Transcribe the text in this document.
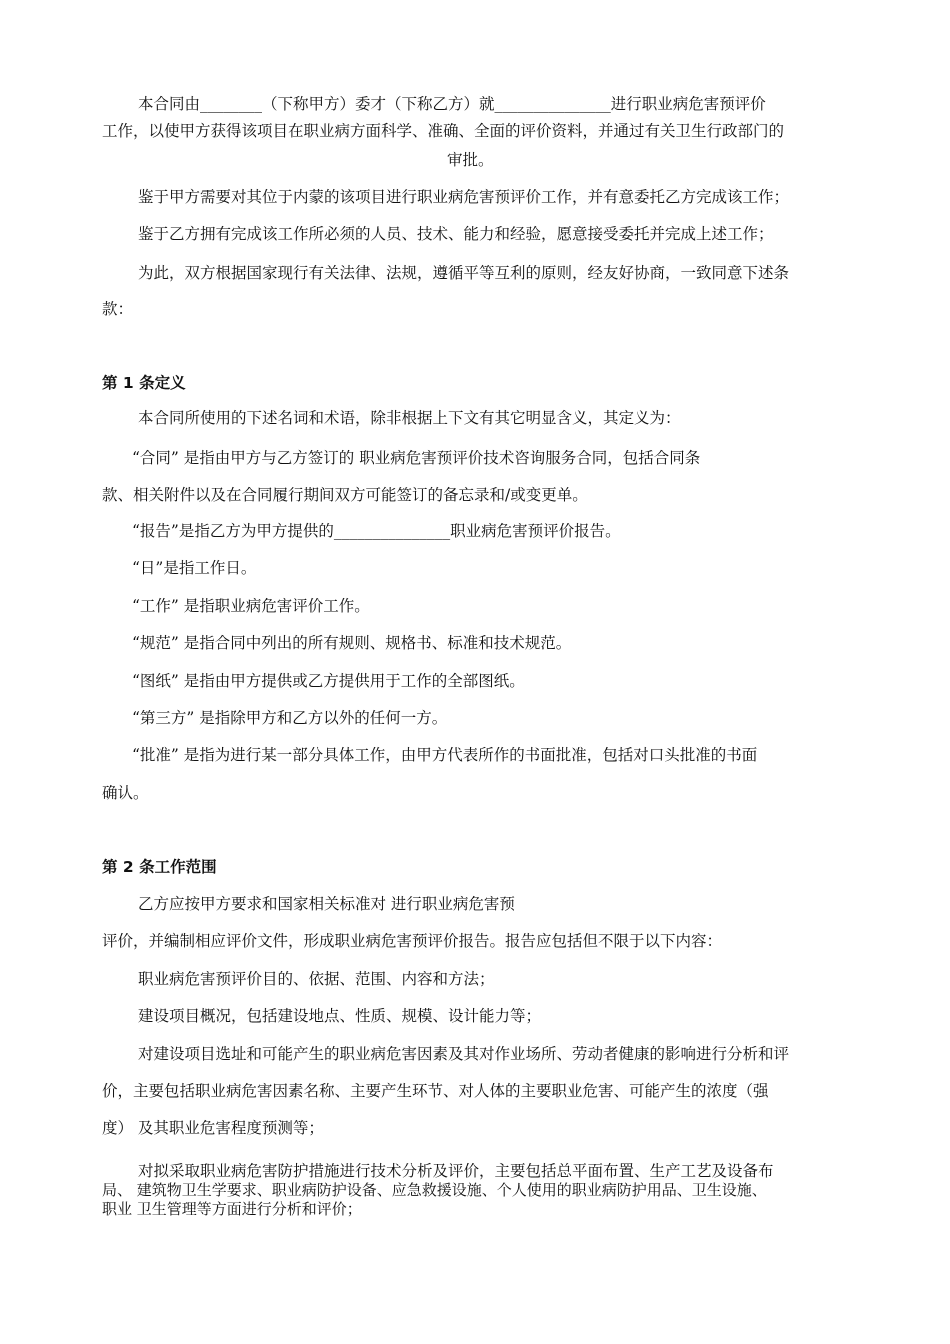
本合同由________（下称甲方）委才（下称乙方）就_______________进行职业病危害预评价
工作，以使甲方获得该项目在职业病方面科学、准确、全面的评价资料，并通过有关卫生行政部门的
审批。
鉴于甲方需要对其位于内蒙的该项目进行职业病危害预评价工作，并有意委托乙方完成该工作；
鉴于乙方拥有完成该工作所必须的人员、技术、能力和经验，愿意接受委托并完成上述工作；
为此，双方根据国家现行有关法律、法规，遵循平等互利的原则，经友好协商，一致同意下述条
款：
第 1 条定义
本合同所使用的下述名词和术语，除非根据上下文有其它明显含义，其定义为：
“合同” 是指由甲方与乙方签订的 职业病危害预评价技术咨询服务合同，包括合同条
款、相关附件以及在合同履行期间双方可能签订的备忘录和/或变更单。
“报告”是指乙方为甲方提供的_______________职业病危害预评价报告。
“日”是指工作日。
“工作” 是指职业病危害评价工作。
“规范” 是指合同中列出的所有规则、规格书、标准和技术规范。
“图纸” 是指由甲方提供或乙方提供用于工作的全部图纸。
“第三方” 是指除甲方和乙方以外的任何一方。
“批准” 是指为进行某一部分具体工作，由甲方代表所作的书面批准，包括对口头批准的书面
确认。
第 2 条工作范围
乙方应按甲方要求和国家相关标准对 进行职业病危害预
评价，并编制相应评价文件，形成职业病危害预评价报告。报告应包括但不限于以下内容：
职业病危害预评价目的、依据、范围、内容和方法；
建设项目概况，包括建设地点、性质、规模、设计能力等；
对建设项目选址和可能产生的职业病危害因素及其对作业场所、劳动者健康的影响进行分析和评
价，主要包括职业病危害因素名称、主要产生环节、对人体的主要职业危害、可能产生的浓度（强
度） 及其职业危害程度预测等；
对拟采取职业病危害防护措施进行技术分析及评价，主要包括总平面布置、生产工艺及设备布
局、 建筑物卫生学要求、职业病防护设备、应急救援设施、个人使用的职业病防护用品、卫生设施、
职业 卫生管理等方面进行分析和评价；
